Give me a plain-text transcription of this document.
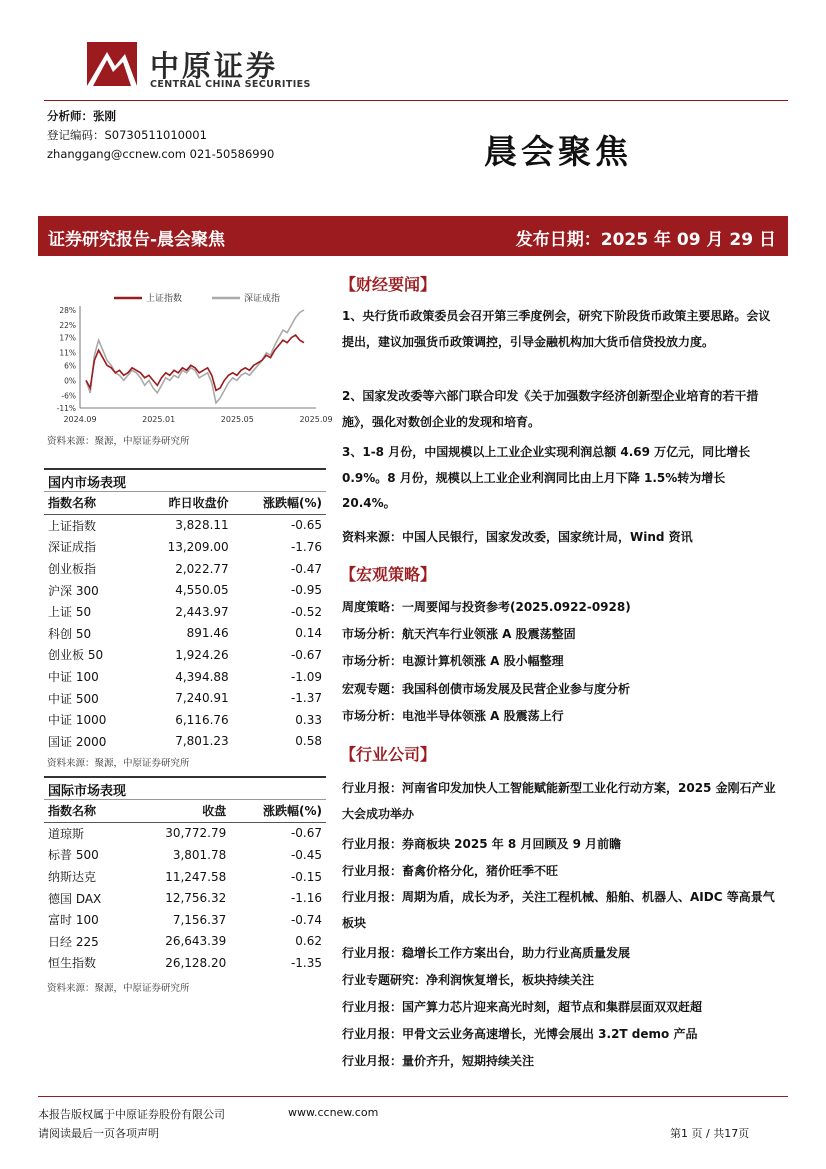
中原证券
CENTRAL CHINA SECURITIES
分析师：张刚
登记编码：S0730511010001
zhanggang@ccnew.com 021-50586990	晨会聚焦
证券研究报告-晨会聚焦	发布日期：2025 年 09 月 29 日
上证指数	深证成指
28%
22%
17%
11%
6%
0%
-6%
-11%
2024.09	2025.01	2025.05	2025.09
资料来源：聚源，中原证券研究所
国内市场表现
指数名称	昨日收盘价	涨跌幅(%)
上证指数	3,828.11	-0.65
深证成指	13,209.00	-1.76
创业板指	2,022.77	-0.47
沪深 300	4,550.05	-0.95
上证 50	2,443.97	-0.52
科创 50	891.46	0.14
创业板 50	1,924.26	-0.67
中证 100	4,394.88	-1.09
中证 500	7,240.91	-1.37
中证 1000	6,116.76	0.33
国证 2000	7,801.23	0.58
资料来源：聚源，中原证券研究所
国际市场表现
指数名称	收盘	涨跌幅(%)
道琼斯	30,772.79	-0.67
标普 500	3,801.78	-0.45
纳斯达克	11,247.58	-0.15
德国 DAX	12,756.32	-1.16
富时 100	7,156.37	-0.74
日经 225	26,643.39	0.62
恒生指数	26,128.20	-1.35
资料来源：聚源，中原证券研究所
【财经要闻】
1、央行货币政策委员会召开第三季度例会，研究下阶段货币政策主要思路。会议提出，建议加强货币政策调控，引导金融机构加大货币信贷投放力度。
2、国家发改委等六部门联合印发《关于加强数字经济创新型企业培育的若干措施》，强化对数创企业的发现和培育。
3、1-8 月份，中国规模以上工业企业实现利润总额 4.69 万亿元，同比增长 0.9%。8 月份，规模以上工业企业利润同比由上月下降 1.5%转为增长 20.4%。
资料来源：中国人民银行，国家发改委，国家统计局，Wind 资讯
【宏观策略】
周度策略：一周要闻与投资参考(2025.0922-0928)
市场分析：航天汽车行业领涨 A 股震荡整固
市场分析：电源计算机领涨 A 股小幅整理
宏观专题：我国科创债市场发展及民营企业参与度分析
市场分析：电池半导体领涨 A 股震荡上行
【行业公司】
行业月报：河南省印发加快人工智能赋能新型工业化行动方案，2025 金刚石产业大会成功举办
行业月报：券商板块 2025 年 8 月回顾及 9 月前瞻
行业月报：畜禽价格分化，猪价旺季不旺
行业月报：周期为盾，成长为矛，关注工程机械、船舶、机器人、AIDC 等高景气板块
行业月报：稳增长工作方案出台，助力行业高质量发展
行业专题研究：净利润恢复增长，板块持续关注
行业月报：国产算力芯片迎来高光时刻，超节点和集群层面双双赶超
行业月报：甲骨文云业务高速增长，光博会展出 3.2T demo 产品
行业月报：量价齐升，短期持续关注
本报告版权属于中原证券股份有限公司	www.ccnew.com
请阅读最后一页各项声明	第1 页 / 共17页
